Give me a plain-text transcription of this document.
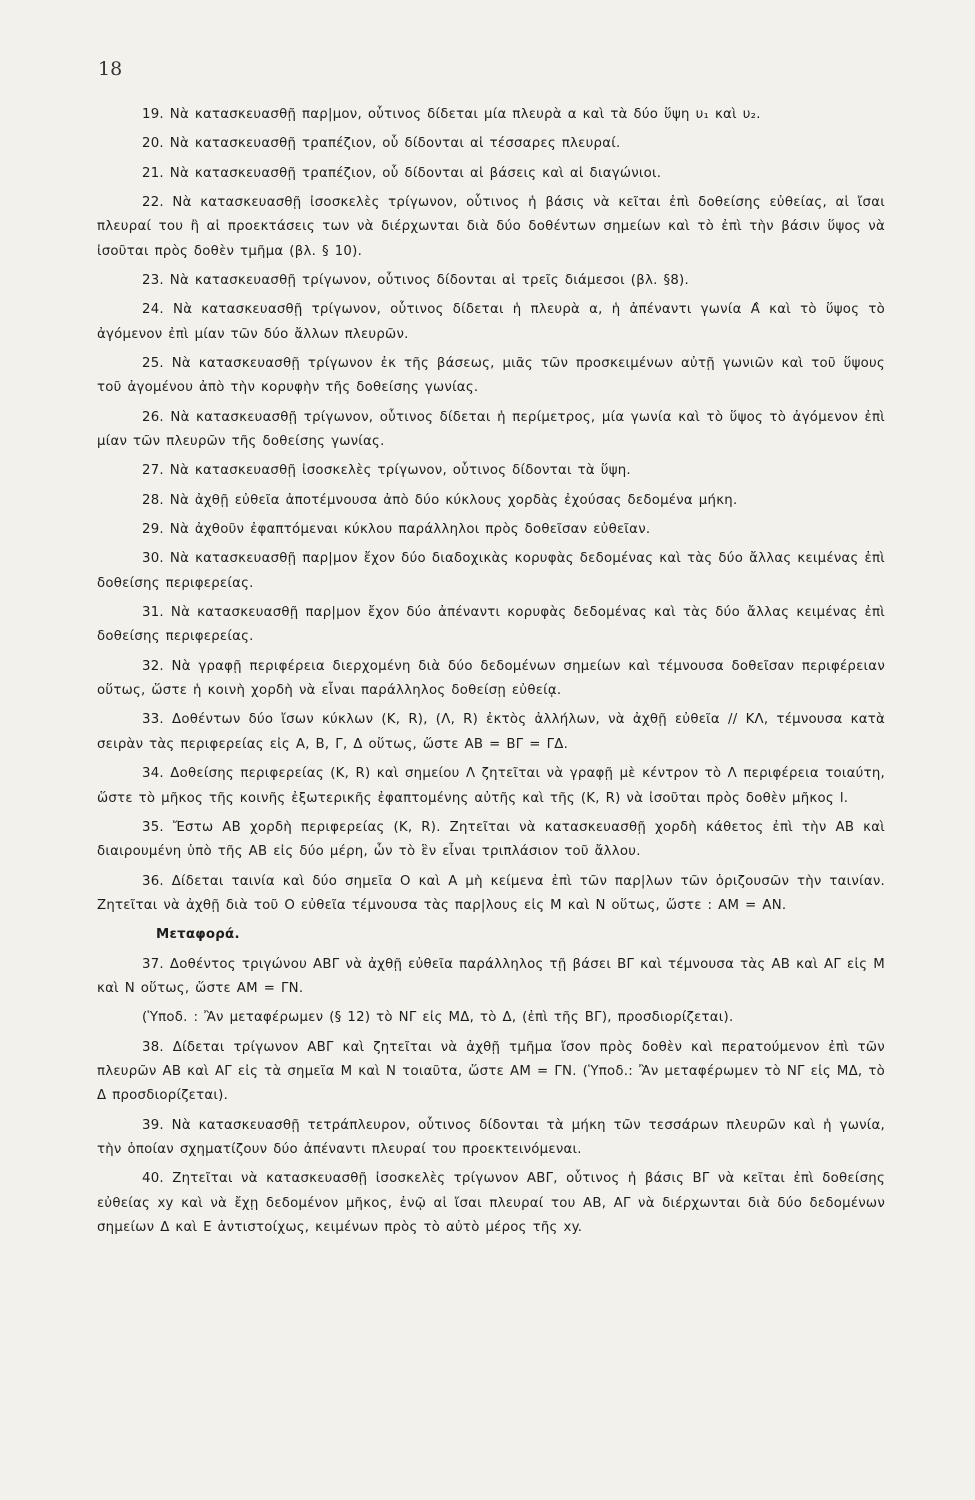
18

19. Νὰ κατασκευασθῇ παρ|μον, οὗτινος δίδεται μία πλευρὰ α καὶ τὰ δύο ὕψη υ₁ καὶ υ₂.

20. Νὰ κατασκευασθῇ τραπέζιον, οὗ δίδονται αἱ τέσσαρες πλευραί.

21. Νὰ κατασκευασθῇ τραπέζιον, οὗ δίδονται αἱ βάσεις καὶ αἱ διαγώνιοι.

22. Νὰ κατασκευασθῇ ἰσοσκελὲς τρίγωνον, οὗτινος ἡ βάσις νὰ κεῖται ἐπὶ δοθείσης εὐθείας, αἱ ἴσαι πλευραί του ἢ αἱ προεκτάσεις των νὰ διέρχωνται διὰ δύο δοθέντων σημείων καὶ τὸ ἐπὶ τὴν βάσιν ὕψος νὰ ἰσοῦται πρὸς δοθὲν τμῆμα (βλ. § 10).

23. Νὰ κατασκευασθῇ τρίγωνον, οὗτινος δίδονται αἱ τρεῖς διάμεσοι (βλ. §8).

24. Νὰ κατασκευασθῇ τρίγωνον, οὗτινος δίδεται ἡ πλευρὰ α, ἡ ἀπέναντι γωνία Α̂ καὶ τὸ ὕψος τὸ ἀγόμενον ἐπὶ μίαν τῶν δύο ἄλλων πλευρῶν.

25. Νὰ κατασκευασθῇ τρίγωνον ἐκ τῆς βάσεως, μιᾶς τῶν προσκειμένων αὐτῇ γωνιῶν καὶ τοῦ ὕψους τοῦ ἀγομένου ἀπὸ τὴν κορυφὴν τῆς δοθείσης γωνίας.

26. Νὰ κατασκευασθῇ τρίγωνον, οὗτινος δίδεται ἡ περίμετρος, μία γωνία καὶ τὸ ὕψος τὸ ἀγόμενον ἐπὶ μίαν τῶν πλευρῶν τῆς δοθείσης γωνίας.

27. Νὰ κατασκευασθῇ ἰσοσκελὲς τρίγωνον, οὗτινος δίδονται τὰ ὕψη.

28. Νὰ ἀχθῇ εὐθεῖα ἀποτέμνουσα ἀπὸ δύο κύκλους χορδὰς ἐχούσας δεδομένα μήκη.

29. Νὰ ἀχθοῦν ἐφαπτόμεναι κύκλου παράλληλοι πρὸς δοθεῖσαν εὐθεῖαν.

30. Νὰ κατασκευασθῇ παρ|μον ἔχον δύο διαδοχικὰς κορυφὰς δεδομένας καὶ τὰς δύο ἄλλας κειμένας ἐπὶ δοθείσης περιφερείας.

31. Νὰ κατασκευασθῇ παρ|μον ἔχον δύο ἀπέναντι κορυφὰς δεδομένας καὶ τὰς δύο ἄλλας κειμένας ἐπὶ δοθείσης περιφερείας.

32. Νὰ γραφῇ περιφέρεια διερχομένη διὰ δύο δεδομένων σημείων καὶ τέμνουσα δοθεῖσαν περιφέρειαν οὕτως, ὥστε ἡ κοινὴ χορδὴ νὰ εἶναι παράλληλος δοθείσῃ εὐθείᾳ.

33. Δοθέντων δύο ἴσων κύκλων (Κ, R), (Λ, R) ἐκτὸς ἀλλήλων, νὰ ἀχθῇ εὐθεῖα // ΚΛ, τέμνουσα κατὰ σειρὰν τὰς περιφερείας εἰς Α, Β, Γ, Δ οὕτως, ὥστε ΑΒ = ΒΓ = ΓΔ.

34. Δοθείσης περιφερείας (Κ, R) καὶ σημείου Λ ζητεῖται νὰ γραφῇ μὲ κέντρον τὸ Λ περιφέρεια τοιαύτη, ὥστε τὸ μῆκος τῆς κοινῆς ἐξωτερικῆς ἐφαπτομένης αὐτῆς καὶ τῆς (Κ, R) νὰ ἰσοῦται πρὸς δοθὲν μῆκος l.

35. Ἔστω ΑΒ χορδὴ περιφερείας (Κ, R). Ζητεῖται νὰ κατασκευασθῇ χορδὴ κάθετος ἐπὶ τὴν ΑΒ καὶ διαιρουμένη ὑπὸ τῆς ΑΒ εἰς δύο μέρη, ὧν τὸ ἓν εἶναι τριπλάσιον τοῦ ἄλλου.

36. Δίδεται ταινία καὶ δύο σημεῖα Ο καὶ Α μὴ κείμενα ἐπὶ τῶν παρ|λων τῶν ὁριζουσῶν τὴν ταινίαν. Ζητεῖται νὰ ἀχθῇ διὰ τοῦ Ο εὐθεῖα τέμνουσα τὰς παρ|λους εἰς Μ καὶ Ν οὕτως, ὥστε : ΑΜ = ΑΝ.

Μεταφορά.

37. Δοθέντος τριγώνου ΑΒΓ νὰ ἀχθῇ εὐθεῖα παράλληλος τῇ βάσει ΒΓ καὶ τέμνουσα τὰς ΑΒ καὶ ΑΓ εἰς Μ καὶ Ν οὕτως, ὥστε ΑΜ = ΓΝ.

(Ὑποδ. : Ἂν μεταφέρωμεν (§ 12) τὸ ΝΓ εἰς ΜΔ, τὸ Δ, (ἐπὶ τῆς ΒΓ), προσδιορίζεται).

38. Δίδεται τρίγωνον ΑΒΓ καὶ ζητεῖται νὰ ἀχθῇ τμῆμα ἴσον πρὸς δοθὲν καὶ περατούμενον ἐπὶ τῶν πλευρῶν ΑΒ καὶ ΑΓ εἰς τὰ σημεῖα Μ καὶ Ν τοιαῦτα, ὥστε ΑΜ = ΓΝ. (Ὑποδ.: Ἂν μεταφέρωμεν τὸ ΝΓ εἰς ΜΔ, τὸ Δ προσδιορίζεται).

39. Νὰ κατασκευασθῇ τετράπλευρον, οὗτινος δίδονται τὰ μήκη τῶν τεσσάρων πλευρῶν καὶ ἡ γωνία, τὴν ὁποίαν σχηματίζουν δύο ἀπέναντι πλευραί του προεκτεινόμεναι.

40. Ζητεῖται νὰ κατασκευασθῇ ἰσοσκελὲς τρίγωνον ΑΒΓ, οὗτινος ἡ βάσις ΒΓ νὰ κεῖται ἐπὶ δοθείσης εὐθείας xy καὶ νὰ ἔχῃ δεδομένον μῆκος, ἐνῷ αἱ ἴσαι πλευραί του ΑΒ, ΑΓ νὰ διέρχωνται διὰ δύο δεδομένων σημείων Δ καὶ Ε ἀντιστοίχως, κειμένων πρὸς τὸ αὐτὸ μέρος τῆς xy.
